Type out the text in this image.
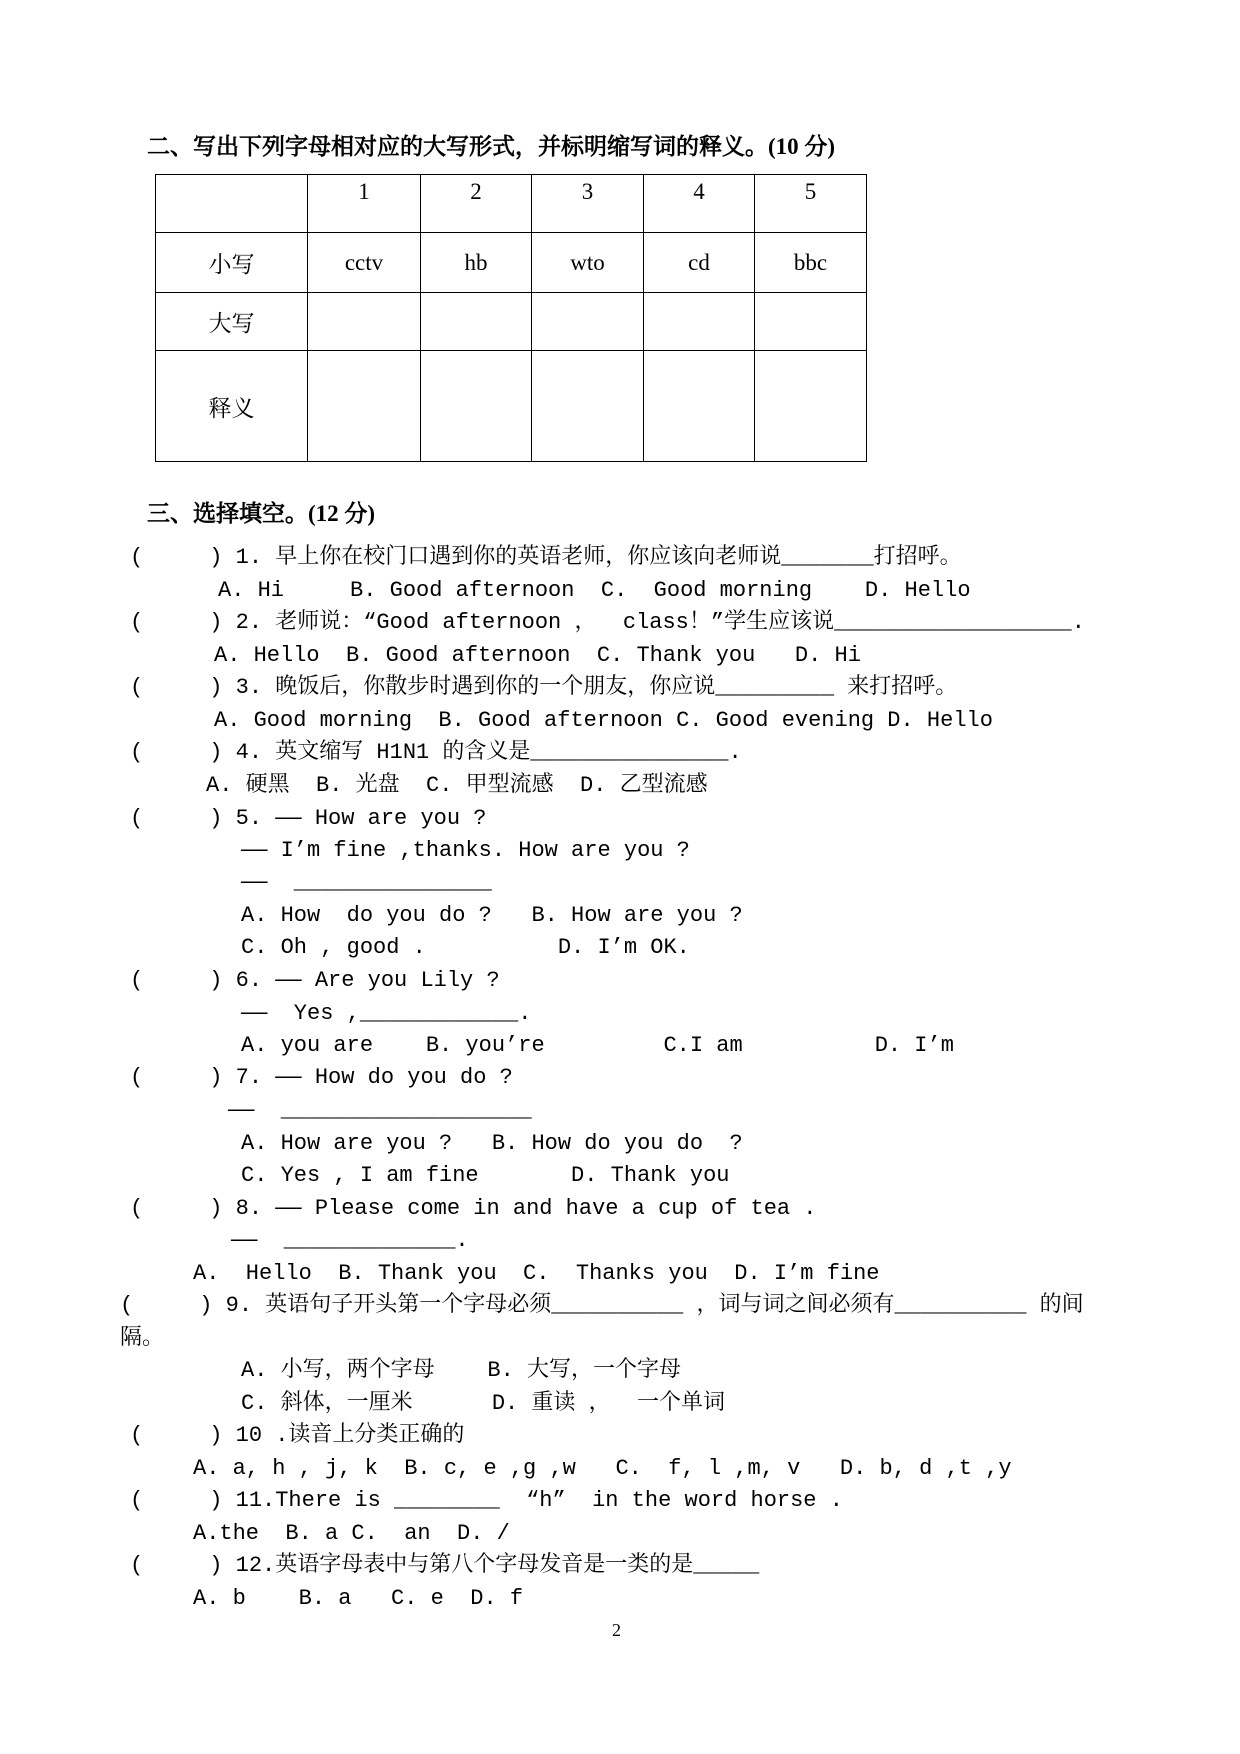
二、写出下列字母相对应的大写形式，并标明缩写词的释义。(10 分)
	1	2	3	4	5
小写	cctv	hb	wto	cd	bbc
大写					
释义					
三、选择填空。(12 分)
(     ) 1. 早上你在校门口遇到你的英语老师，你应该向老师说_______打招呼。
A. Hi     B. Good afternoon  C.  Good morning    D. Hello
(     ) 2. 老师说：“Good afternoon ，  class！”学生应该说__________________.
A. Hello  B. Good afternoon  C. Thank you   D. Hi
(     ) 3. 晚饭后，你散步时遇到你的一个朋友，你应说_________ 来打招呼。
A. Good morning  B. Good afternoon C. Good evening D. Hello
(     ) 4. 英文缩写 H1N1 的含义是_______________.
A. 硬黑  B. 光盘  C. 甲型流感  D. 乙型流感
(     ) 5. —— How are you ?
—— I’m fine ,thanks. How are you ?
——  _______________
A. How  do you do ?   B. How are you ?
C. Oh , good .          D. I’m OK.
(     ) 6. —— Are you Lily ?
——  Yes ,____________.
A. you are    B. you’re         C.I am          D. I’m
(     ) 7. —— How do you do ?
——  ___________________
A. How are you ?   B. How do you do  ?
C. Yes , I am fine       D. Thank you
(     ) 8. —— Please come in and have a cup of tea .
——  _____________.
A.  Hello  B. Thank you  C.  Thanks you  D. I’m fine
(     ) 9. 英语句子开头第一个字母必须__________ ，词与词之间必须有__________ 的间
隔。
A. 小写，两个字母    B. 大写，一个字母
C. 斜体，一厘米      D. 重读 ，  一个单词
(     ) 10 .读音上分类正确的
A. a, h , j, k  B. c, e ,g ,w   C.  f, l ,m, v   D. b, d ,t ,y
(     ) 11.There is ________  “h”  in the word horse .
A.the  B. a C.  an  D. /
(     ) 12.英语字母表中与第八个字母发音是一类的是_____
A. b    B. a   C. e  D. f
2
